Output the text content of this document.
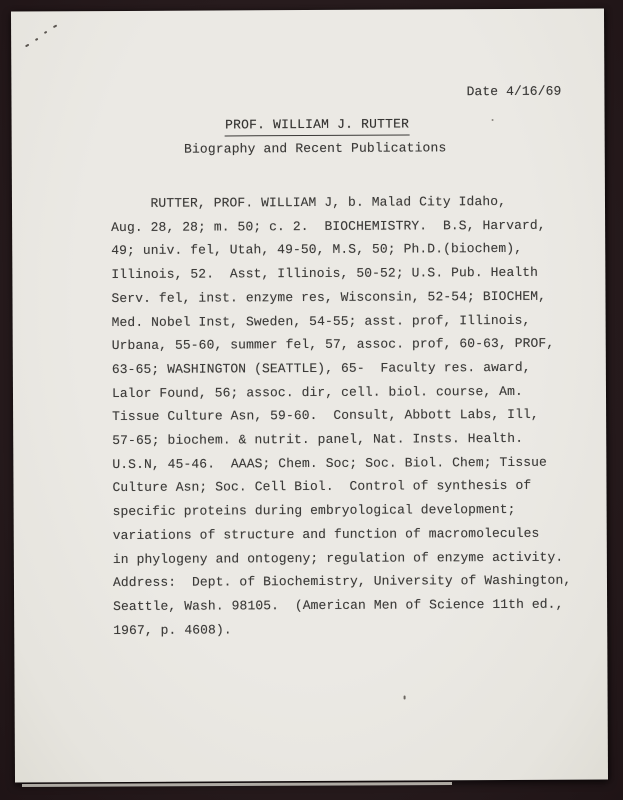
Date 4/16/69
PROF. WILLIAM J. RUTTER
Biography and Recent Publications
RUTTER, PROF. WILLIAM J, b. Malad City Idaho,
Aug. 28, 28; m. 50; c. 2.  BIOCHEMISTRY.  B.S, Harvard,
49; univ. fel, Utah, 49-50, M.S, 50; Ph.D.(biochem),
Illinois, 52.  Asst, Illinois, 50-52; U.S. Pub. Health
Serv. fel, inst. enzyme res, Wisconsin, 52-54; BIOCHEM,
Med. Nobel Inst, Sweden, 54-55; asst. prof, Illinois,
Urbana, 55-60, summer fel, 57, assoc. prof, 60-63, PROF,
63-65; WASHINGTON (SEATTLE), 65-  Faculty res. award,
Lalor Found, 56; assoc. dir, cell. biol. course, Am.
Tissue Culture Asn, 59-60.  Consult, Abbott Labs, Ill,
57-65; biochem. & nutrit. panel, Nat. Insts. Health.
U.S.N, 45-46.  AAAS; Chem. Soc; Soc. Biol. Chem; Tissue
Culture Asn; Soc. Cell Biol.  Control of synthesis of
specific proteins during embryological development;
variations of structure and function of macromolecules
in phylogeny and ontogeny; regulation of enzyme activity.
Address:  Dept. of Biochemistry, University of Washington,
Seattle, Wash. 98105.  (American Men of Science 11th ed.,
1967, p. 4608).
